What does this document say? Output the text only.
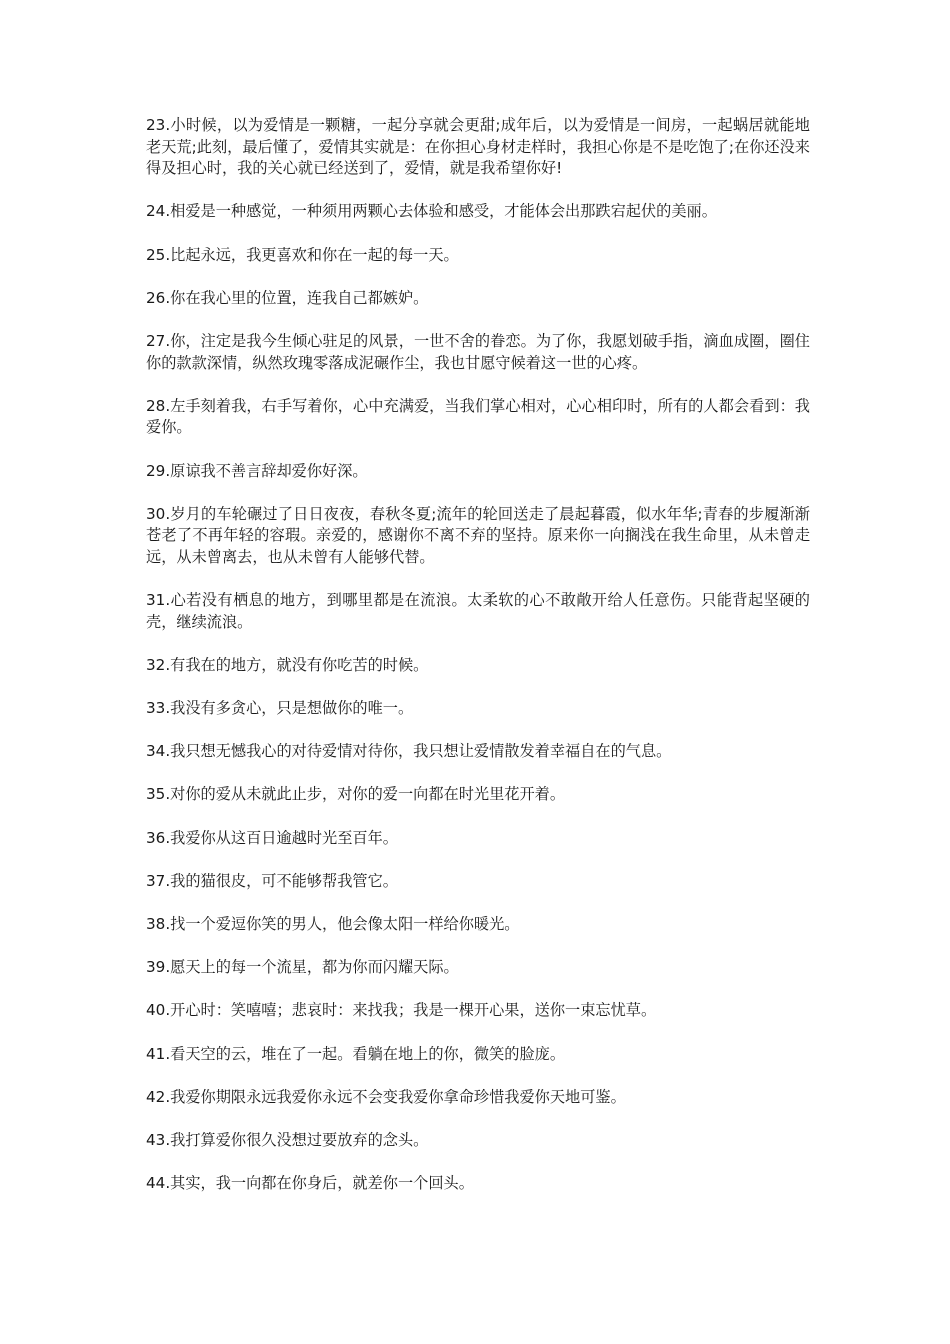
23.小时候，以为爱情是一颗糖，一起分享就会更甜;成年后，以为爱情是一间房，一起蜗居就能地老天荒;此刻，最后懂了，爱情其实就是：在你担心身材走样时，我担心你是不是吃饱了;在你还没来得及担心时，我的关心就已经送到了，爱情，就是我希望你好!

24.相爱是一种感觉，一种须用两颗心去体验和感受，才能体会出那跌宕起伏的美丽。

25.比起永远，我更喜欢和你在一起的每一天。

26.你在我心里的位置，连我自己都嫉妒。

27.你，注定是我今生倾心驻足的风景，一世不舍的眷恋。为了你，我愿划破手指，滴血成圈，圈住你的款款深情，纵然玫瑰零落成泥碾作尘，我也甘愿守候着这一世的心疼。

28.左手刻着我，右手写着你，心中充满爱，当我们掌心相对，心心相印时，所有的人都会看到：我爱你。

29.原谅我不善言辞却爱你好深。

30.岁月的车轮碾过了日日夜夜，春秋冬夏;流年的轮回送走了晨起暮霞，似水年华;青春的步履渐渐苍老了不再年轻的容瑕。亲爱的，感谢你不离不弃的坚持。原来你一向搁浅在我生命里，从未曾走远，从未曾离去，也从未曾有人能够代替。

31.心若没有栖息的地方，到哪里都是在流浪。太柔软的心不敢敞开给人任意伤。只能背起坚硬的壳，继续流浪。

32.有我在的地方，就没有你吃苦的时候。

33.我没有多贪心，只是想做你的唯一。

34.我只想无憾我心的对待爱情对待你，我只想让爱情散发着幸福自在的气息。

35.对你的爱从未就此止步，对你的爱一向都在时光里花开着。

36.我爱你从这百日逾越时光至百年。

37.我的猫很皮，可不能够帮我管它。

38.找一个爱逗你笑的男人，他会像太阳一样给你暖光。

39.愿天上的每一个流星，都为你而闪耀天际。

40.开心时：笑嘻嘻；悲哀时：来找我；我是一棵开心果，送你一束忘忧草。

41.看天空的云，堆在了一起。看躺在地上的你，微笑的脸庞。

42.我爱你期限永远我爱你永远不会变我爱你拿命珍惜我爱你天地可鉴。

43.我打算爱你很久没想过要放弃的念头。

44.其实，我一向都在你身后，就差你一个回头。
